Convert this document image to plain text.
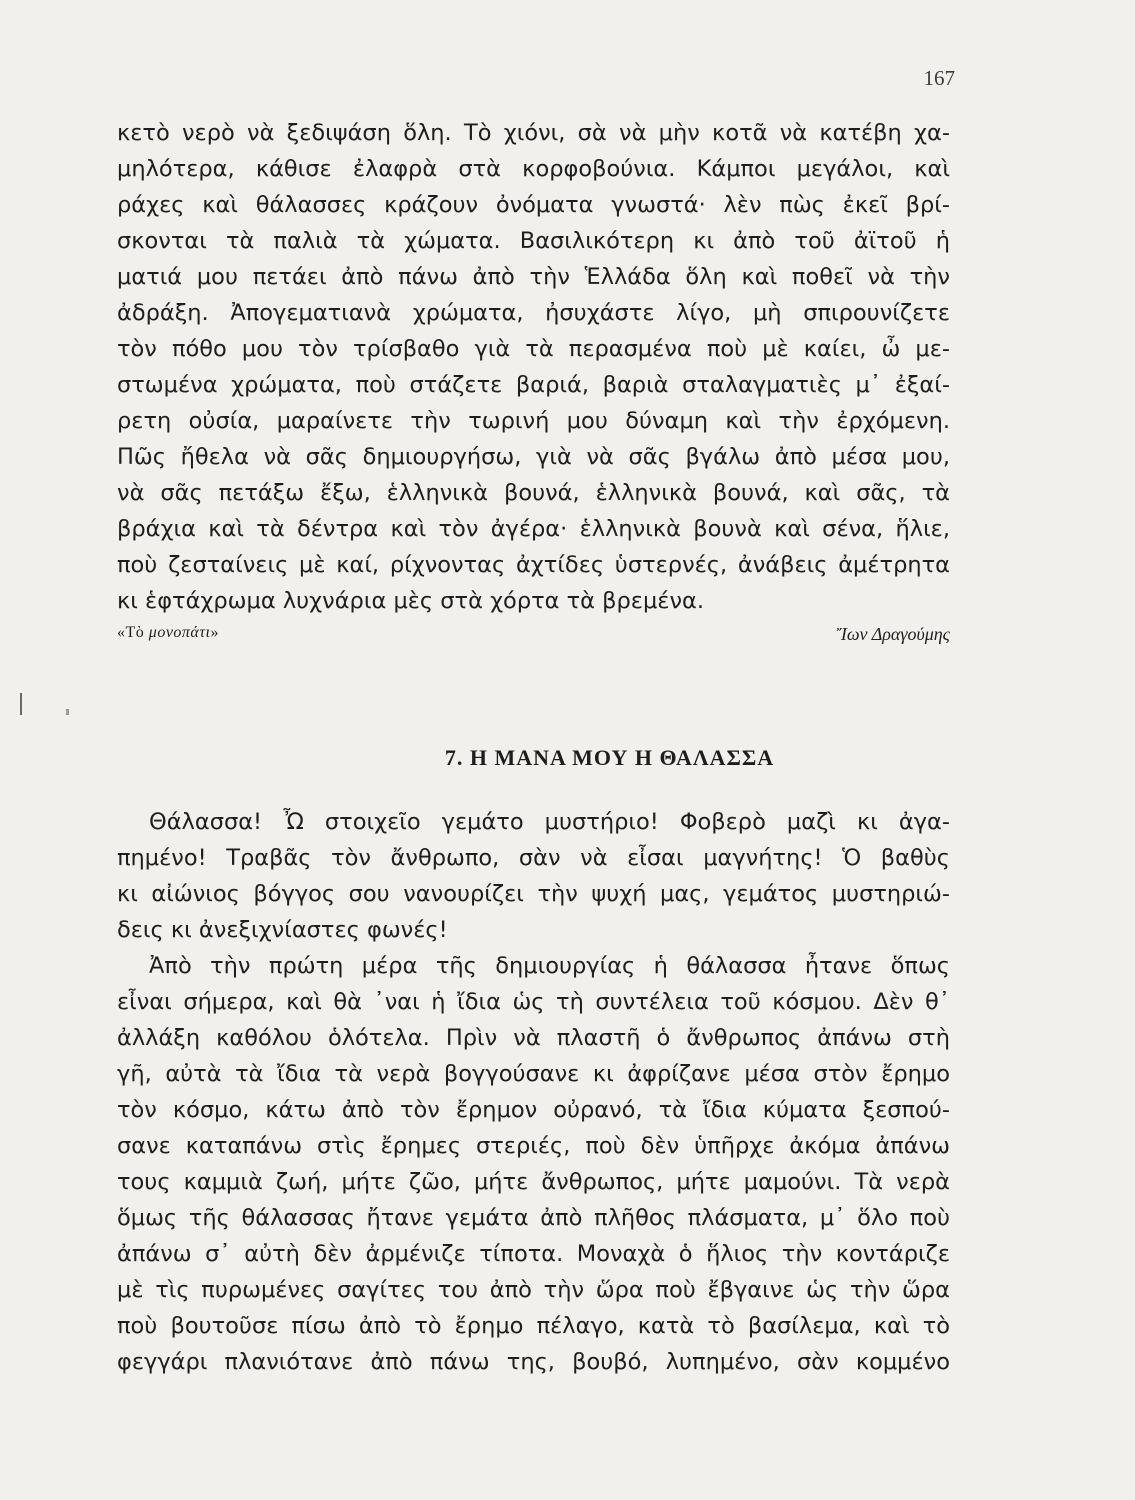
167
κετὸ νερὸ νὰ ξεδιψάση ὅλη. Τὸ χιόνι, σὰ νὰ μὴν κοτᾶ νὰ κατέβη χα-
μηλότερα, κάθισε ἐλαφρὰ στὰ κορφοβούνια. Κάμποι μεγάλοι, καὶ
ράχες καὶ θάλασσες κράζουν ὀνόματα γνωστά· λὲν πὼς ἐκεῖ βρί-
σκονται τὰ παλιὰ τὰ χώματα. Βασιλικότερη κι ἀπὸ τοῦ ἀϊτοῦ ἡ
ματιά μου πετάει ἀπὸ πάνω ἀπὸ τὴν Ἑλλάδα ὅλη καὶ ποθεῖ νὰ τὴν
ἀδράξη. Ἀπογεματιανὰ χρώματα, ἠσυχάστε λίγο, μὴ σπιρουνίζετε
τὸν πόθο μου τὸν τρίσβαθο γιὰ τὰ περασμένα ποὺ μὲ καίει, ὦ με-
στωμένα χρώματα, ποὺ στάζετε βαριά, βαριὰ σταλαγματιὲς μ᾽ ἐξαί-
ρετη οὐσία, μαραίνετε τὴν τωρινή μου δύναμη καὶ τὴν ἐρχόμενη.
Πῶς ἤθελα νὰ σᾶς δημιουργήσω, γιὰ νὰ σᾶς βγάλω ἀπὸ μέσα μου,
νὰ σᾶς πετάξω ἔξω, ἑλληνικὰ βουνά, ἑλληνικὰ βουνά, καὶ σᾶς, τὰ
βράχια καὶ τὰ δέντρα καὶ τὸν ἀγέρα· ἑλληνικὰ βουνὰ καὶ σένα, ἥλιε,
ποὺ ζεσταίνεις μὲ καί, ρίχνοντας ἀχτίδες ὑστερνές, ἀνάβεις ἀμέτρητα
κι ἑφτάχρωμα λυχνάρια μὲς στὰ χόρτα τὰ βρεμένα.
«Τὸ μονοπάτι»	Ἴων Δραγούμης
7. Η ΜΑΝΑ ΜΟΥ Η ΘΑΛΑΣΣΑ
Θάλασσα! Ὦ στοιχεῖο γεμάτο μυστήριο! Φοβερὸ μαζὶ κι ἀγα-
πημένο! Τραβᾶς τὸν ἄνθρωπο, σὰν νὰ εἶσαι μαγνήτης! Ὁ βαθὺς
κι αἰώνιος βόγγος σου νανουρίζει τὴν ψυχή μας, γεμάτος μυστηριώ-
δεις κι ἀνεξιχνίαστες φωνές!
Ἀπὸ τὴν πρώτη μέρα τῆς δημιουργίας ἡ θάλασσα ἦτανε ὅπως
εἶναι σήμερα, καὶ θὰ ᾽ναι ἡ ἴδια ὡς τὴ συντέλεια τοῦ κόσμου. Δὲν θ᾽
ἀλλάξη καθόλου ὁλότελα. Πρὶν νὰ πλαστῆ ὁ ἄνθρωπος ἀπάνω στὴ
γῆ, αὐτὰ τὰ ἴδια τὰ νερὰ βογγούσανε κι ἀφρίζανε μέσα στὸν ἔρημο
τὸν κόσμο, κάτω ἀπὸ τὸν ἔρημον οὐρανό, τὰ ἴδια κύματα ξεσπού-
σανε καταπάνω στὶς ἔρημες στεριές, ποὺ δὲν ὑπῆρχε ἀκόμα ἀπάνω
τους καμμιὰ ζωή, μήτε ζῶο, μήτε ἄνθρωπος, μήτε μαμούνι. Τὰ νερὰ
ὅμως τῆς θάλασσας ἤτανε γεμάτα ἀπὸ πλῆθος πλάσματα, μ᾽ ὅλο ποὺ
ἀπάνω σ᾽ αὐτὴ δὲν ἀρμένιζε τίποτα. Μοναχὰ ὁ ἥλιος τὴν κοντάριζε
μὲ τὶς πυρωμένες σαγίτες του ἀπὸ τὴν ὥρα ποὺ ἔβγαινε ὡς τὴν ὥρα
ποὺ βουτοῦσε πίσω ἀπὸ τὸ ἔρημο πέλαγο, κατὰ τὸ βασίλεμα, καὶ τὸ
φεγγάρι πλανιότανε ἀπὸ πάνω της, βουβό, λυπημένο, σὰν κομμένο
